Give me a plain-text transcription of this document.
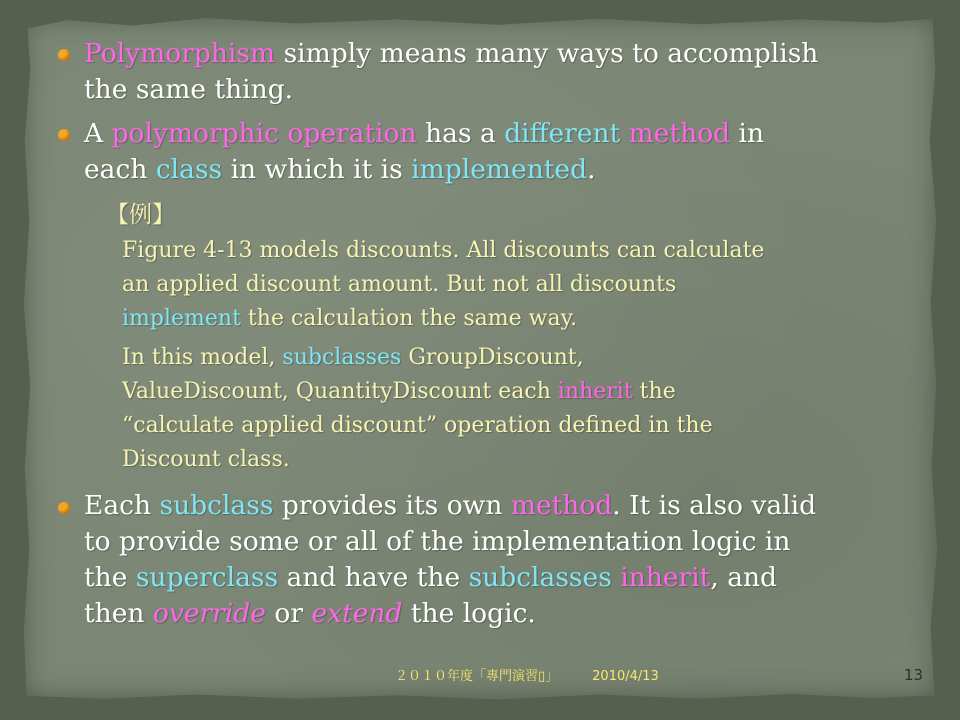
Polymorphism simply means many ways to accomplish
the same thing.
A polymorphic operation has a different method in
each class in which it is implemented.
【例】
Figure 4-13 models discounts. All discounts can calculate
an applied discount amount. But not all discounts
implement the calculation the same way.
In this model, subclasses GroupDiscount,
ValueDiscount, QuantityDiscount each inherit the
“calculate applied discount” operation defined in the
Discount class.
Each subclass provides its own method. It is also valid
to provide some or all of the implementation logic in
the superclass and have the subclasses inherit, and
then override or extend the logic.
２０１０年度「專門演習▯」	2010/4/13	13
